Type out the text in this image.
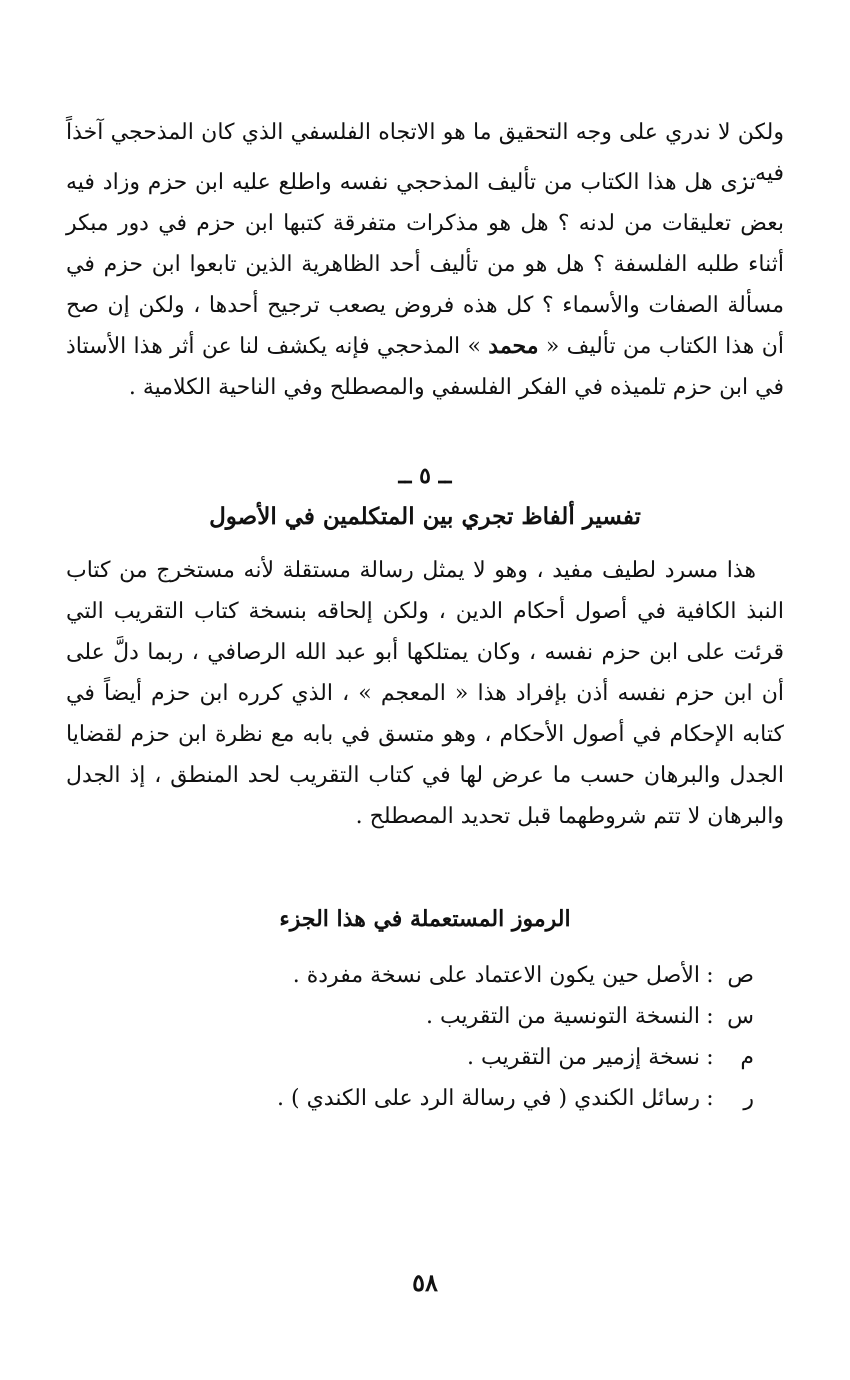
ولكن لا ندري على وجه التحقيق ما هو الاتجاه الفلسفي الذي كان المذحجي آخذاً فيه .

ترى هل هذا الكتاب من تأليف المذحجي نفسه واطلع عليه ابن حزم وزاد فيه بعض تعليقات من لدنه ؟ هل هو مذكرات متفرقة كتبها ابن حزم في دور مبكر أثناء طلبه الفلسفة ؟ هل هو من تأليف أحد الظاهرية الذين تابعوا ابن حزم في مسألة الصفات والأسماء ؟ كل هذه فروض يصعب ترجيح أحدها ، ولكن إن صح أن هذا الكتاب من تأليف « محمد » المذحجي فإنه يكشف لنا عن أثر هذا الأستاذ في ابن حزم تلميذه في الفكر الفلسفي والمصطلح وفي الناحية الكلامية .

ــ ٥ ــ
تفسير ألفاظ تجري بين المتكلمين في الأصول

هذا مسرد لطيف مفيد ، وهو لا يمثل رسالة مستقلة لأنه مستخرج من كتاب النبذ الكافية في أصول أحكام الدين ، ولكن إلحاقه بنسخة كتاب التقريب التي قرئت على ابن حزم نفسه ، وكان يمتلكها أبو عبد الله الرصافي ، ربما دلَّ على أن ابن حزم نفسه أذن بإفراد هذا « المعجم » ، الذي كرره ابن حزم أيضاً في كتابه الإحكام في أصول الأحكام ، وهو متسق في بابه مع نظرة ابن حزم لقضايا الجدل والبرهان حسب ما عرض لها في كتاب التقريب لحد المنطق ، إذ الجدل والبرهان لا تتم شروطهما قبل تحديد المصطلح .

الرموز المستعملة في هذا الجزء
ص
:
الأصل حين يكون الاعتماد على نسخة مفردة .
س
:
النسخة التونسية من التقريب .
م
:
نسخة إزمير من التقريب .
ر
:
رسائل الكندي ( في رسالة الرد على الكندي ) .
٥٨
